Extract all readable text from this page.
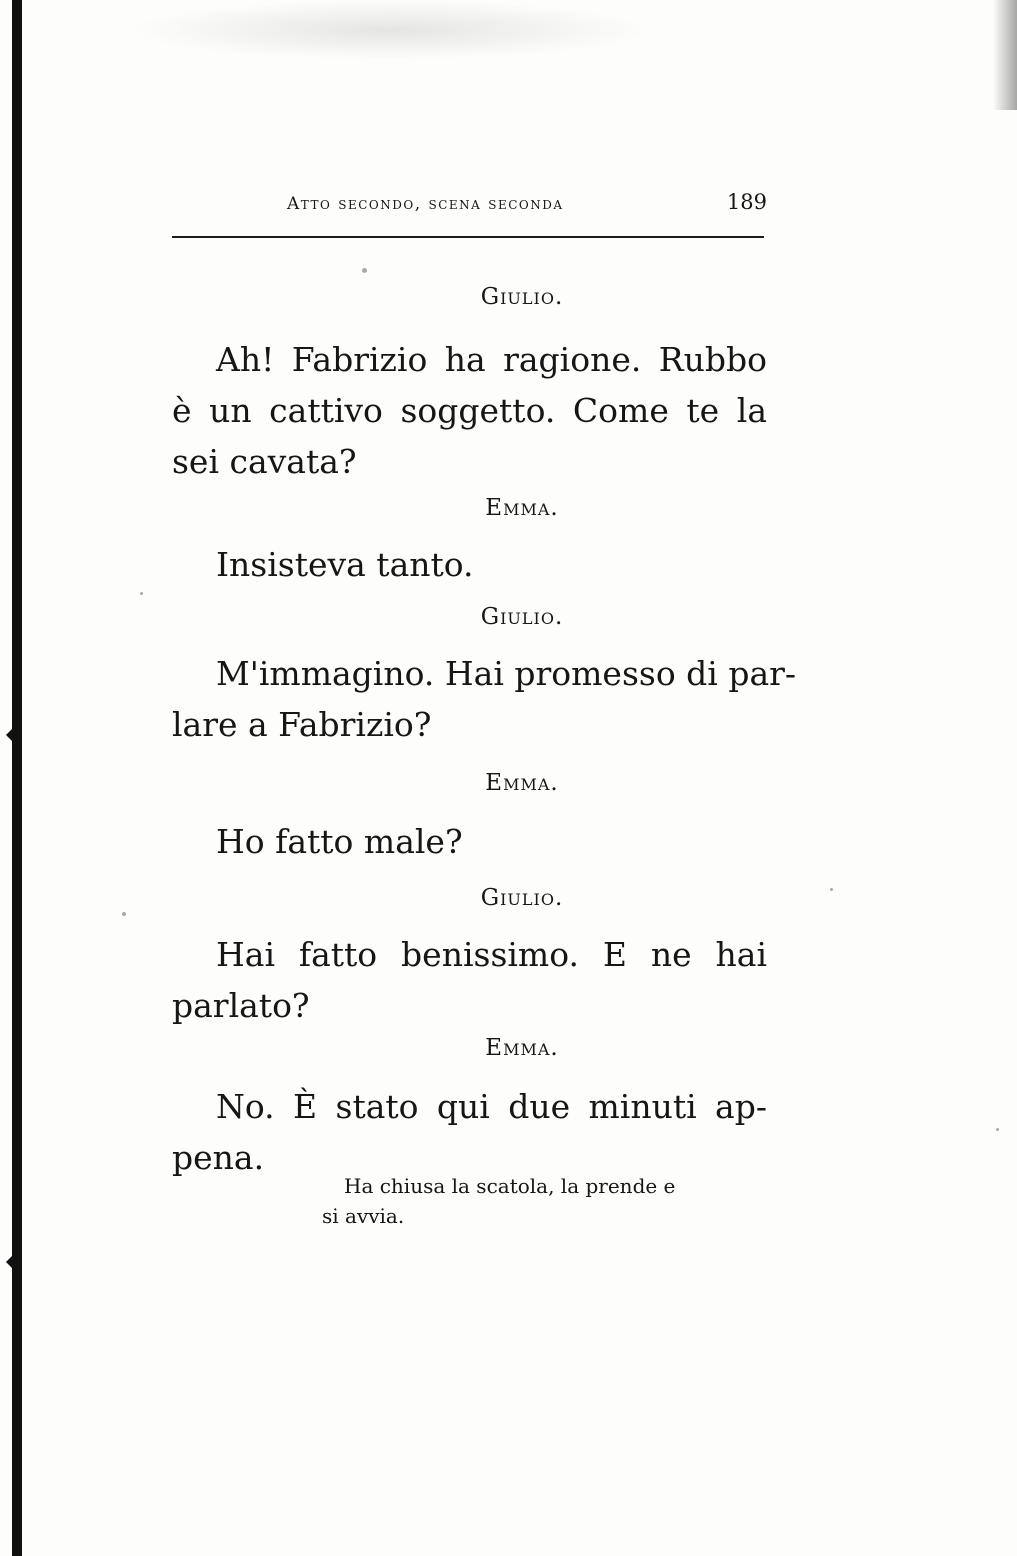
Atto secondo, scena seconda	189

Giulio.

Ah! Fabrizio ha ragione. Rubbo

è un cattivo soggetto. Come te la

sei cavata?

Emma.

Insisteva tanto.

Giulio.

M'immagino. Hai promesso di par-

lare a Fabrizio?

Emma.

Ho fatto male?

Giulio.

Hai fatto benissimo. E ne hai

parlato?

Emma.

No. È stato qui due minuti ap-

pena.

Ha chiusa la scatola, la prende e
si avvia.
